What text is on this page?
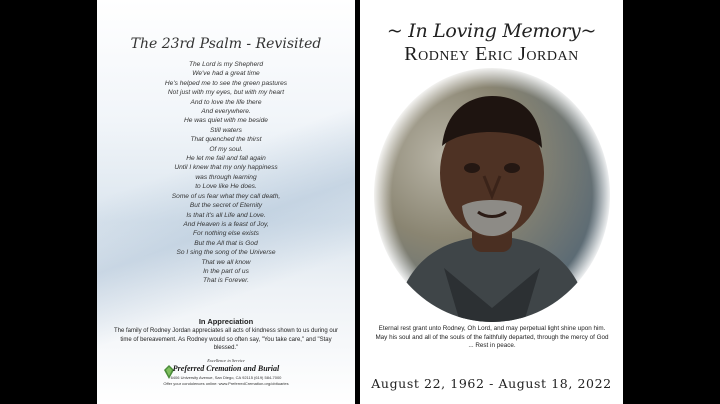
The 23rd Psalm - Revisited
The Lord is my Shepherd
We've had a great time
He's helped me to see the green pastures
Not just with my eyes, but with my heart
And to love the life there
And everywhere.
He was quiet with me beside
Still waters
That quenched the thirst
Of my soul.
He let me fail and fall again
Until I knew that my only happiness
was through learning
to Love like He does.
Some of us fear what they call death,
But the secret of Eternity
Is that it's all Life and Love.
And Heaven is a feast of Joy,
For nothing else exists
But the All that is God
So I sing the song of the Universe
That we all know
In the part of us
That is Forever.
In Appreciation
The family of Rodney Jordan appreciates all acts of kindness shown to us during our time of bereavement. As Rodney would so often say, "You take care," and "Stay blessed."
Excellence in Service
Preferred Cremation and Burial
6406 University Avenue, San Diego, CA 92115 (619) 584-7000
Offer your condolences online: www.PreferredCremation.org/obituaries
~ In Loving Memory~
Rodney Eric Jordan
Eternal rest grant unto Rodney, Oh Lord, and may perpetual light shine upon him. May his soul and all of the souls of the faithfully departed, through the mercy of God ... Rest in peace.
August 22, 1962 - August 18, 2022
